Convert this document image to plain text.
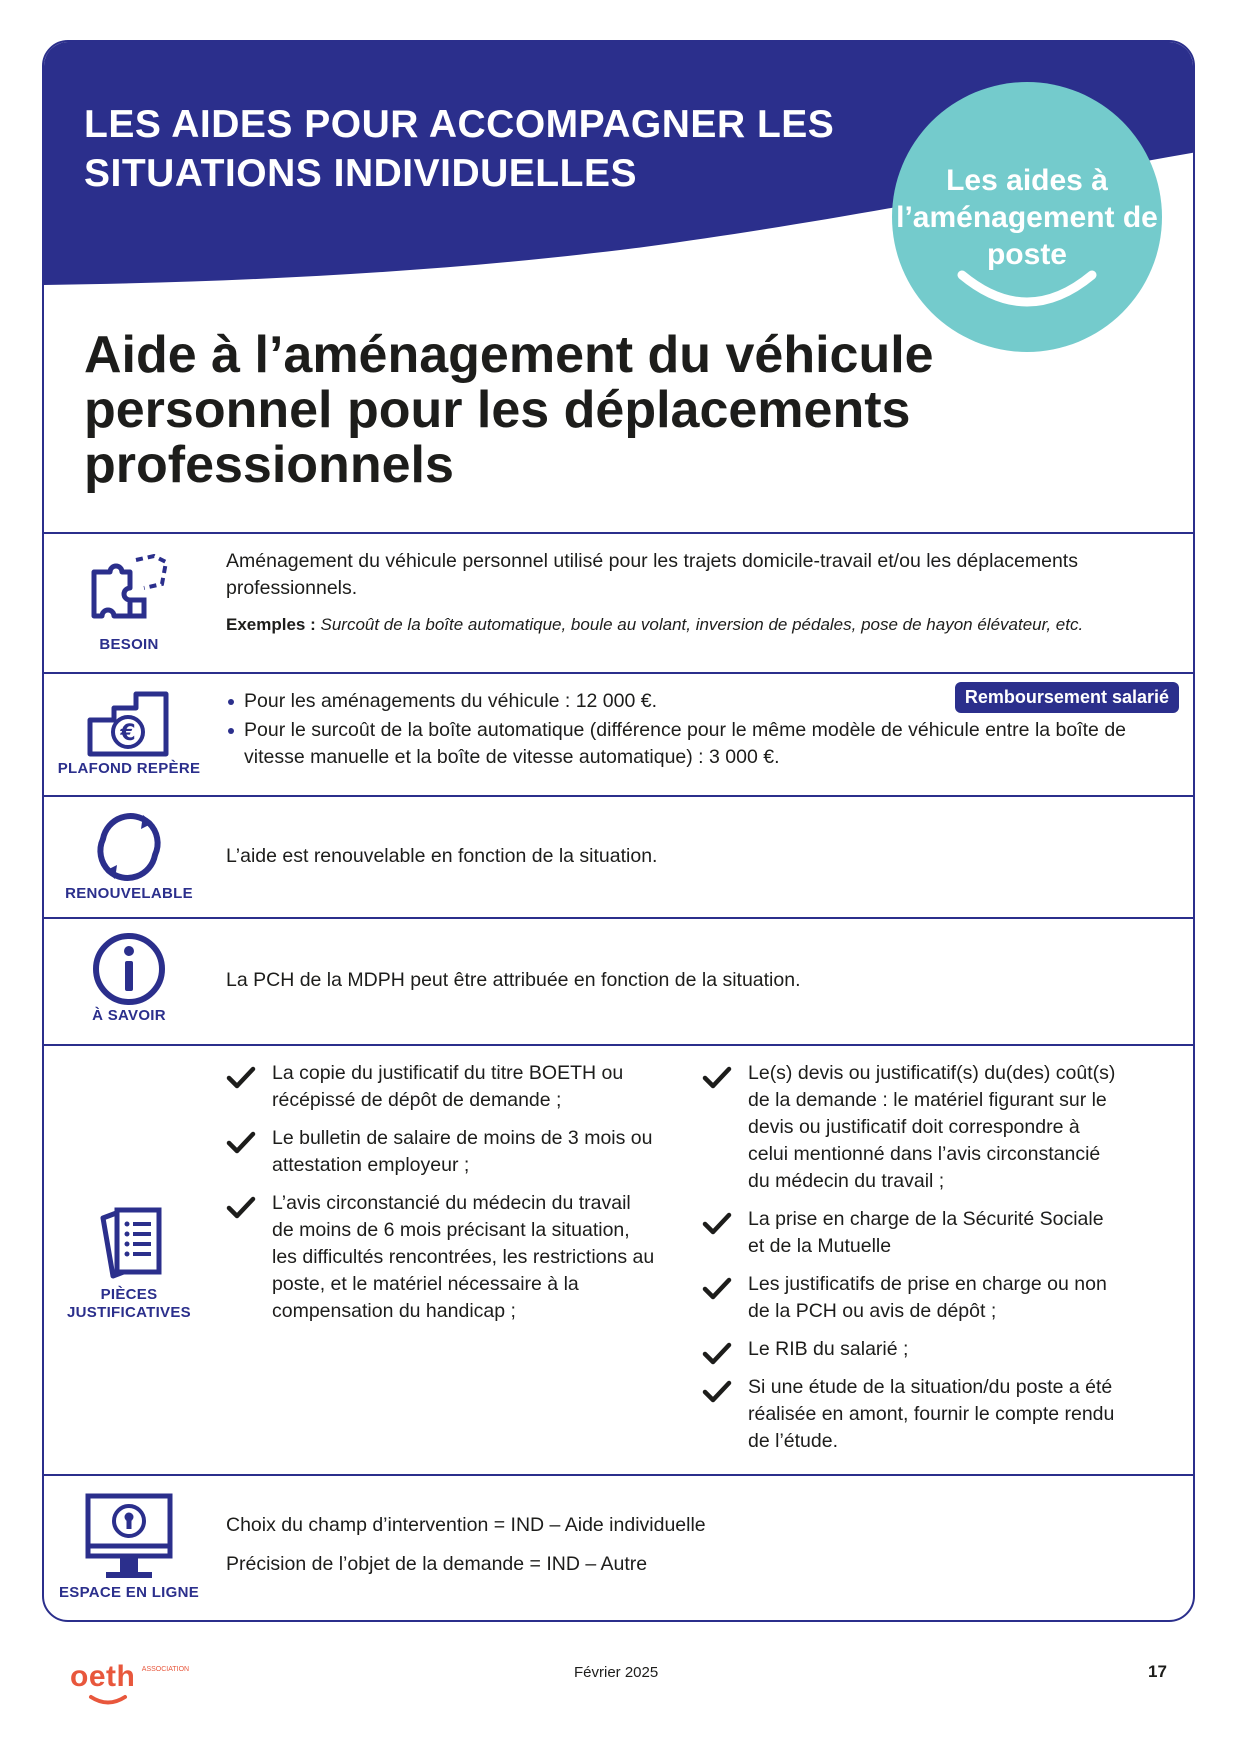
LES AIDES POUR ACCOMPAGNER LES SITUATIONS INDIVIDUELLES	Les aides à l’aménagement de poste
Aide à l’aménagement du véhicule personnel pour les déplacements professionnels
BESOIN

Aménagement du véhicule personnel utilisé pour les trajets domicile-travail et/ou les déplacements professionnels.

Exemples : Surcoût de la boîte automatique, boule au volant, inversion de pédales, pose de hayon élévateur, etc.

€
PLAFOND REPÈRE
Remboursement salarié
Pour les aménagements du véhicule : 12 000 €.
Pour le surcoût de la boîte automatique (différence pour le même modèle de véhicule entre la boîte de vitesse manuelle et la boîte de vitesse automatique) : 3 000 €.
RENOUVELABLE

L’aide est renouvelable en fonction de la situation.

À SAVOIR

La PCH de la MDPH peut être attribuée en fonction de la situation.

PIÈCES JUSTIFICATIVES
La copie du justificatif du titre BOETH ou récépissé de dépôt de demande ;
Le bulletin de salaire de moins de 3 mois ou attestation employeur ;
L’avis circonstancié du médecin du travail de moins de 6 mois précisant la situation, les difficultés rencontrées, les restrictions au poste, et le matériel nécessaire à la compensation du handicap ;
Le(s) devis ou justificatif(s) du(des) coût(s) de la demande : le matériel figurant sur le devis ou justificatif doit correspondre à celui mentionné dans l’avis circonstancié du médecin du travail ;
La prise en charge de la Sécurité Sociale et de la Mutuelle
Les justificatifs de prise en charge ou non de la PCH ou avis de dépôt ;
Le RIB du salarié ;
Si une étude de la situation/du poste a été réalisée en amont, fournir le compte rendu de l’étude.
ESPACE EN LIGNE

Choix du champ d’intervention = IND – Aide individuelle

Précision de l’objet de la demande = IND – Autre

oeth $^{ASSOCIATION}$	Février 2025	17
